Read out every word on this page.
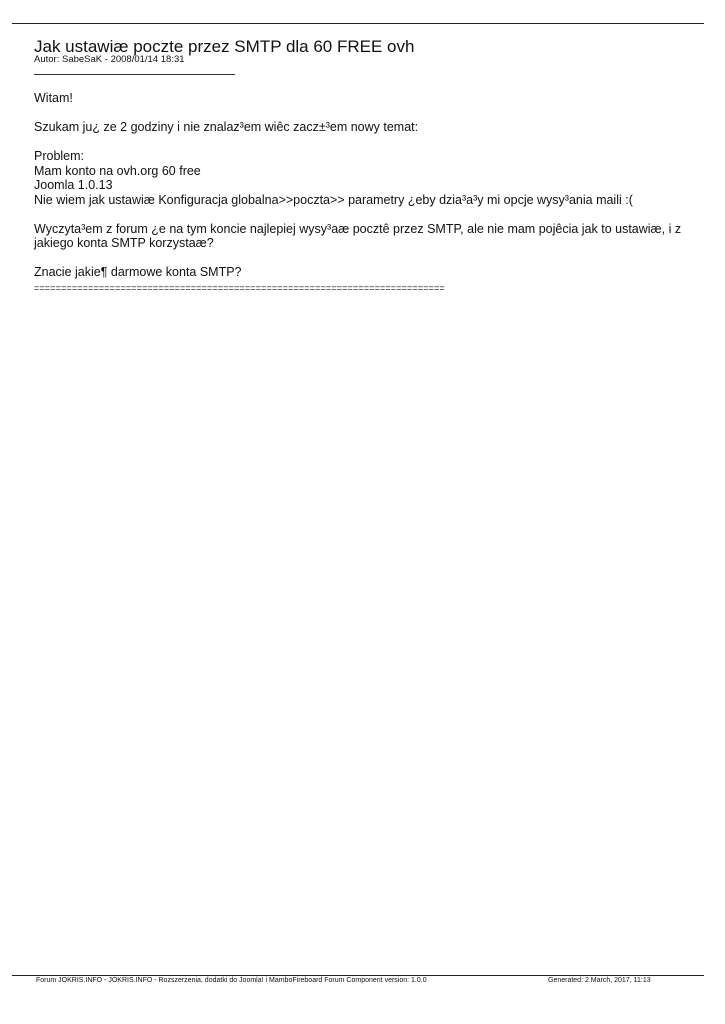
Jak ustawiæ poczte przez SMTP dla 60 FREE ovh
Autor: SabeSaK - 2008/01/14 18:31
Witam!
Szukam ju¿ ze 2 godziny i nie znalaz³em wiêc zacz±³em nowy temat:
Problem:
Mam konto na ovh.org 60 free
Joomla 1.0.13
Nie wiem jak ustawiæ Konfiguracja globalna>>poczta>> parametry ¿eby dzia³a³y mi opcje wysy³ania maili :(
Wyczyta³em z forum ¿e na tym koncie najlepiej wysy³aæ pocztê przez SMTP, ale nie mam pojêcia jak to ustawiæ, i z jakiego konta SMTP korzystaæ?
Znacie jakie¶ darmowe konta SMTP?
============================================================================
Forum JOKRIS.INFO - JOKRIS.INFO - Rozszerzenia, dodatki do Joomla! i MamboFireboard Forum Component version: 1.0.0	Generated: 2 March, 2017, 11:13
